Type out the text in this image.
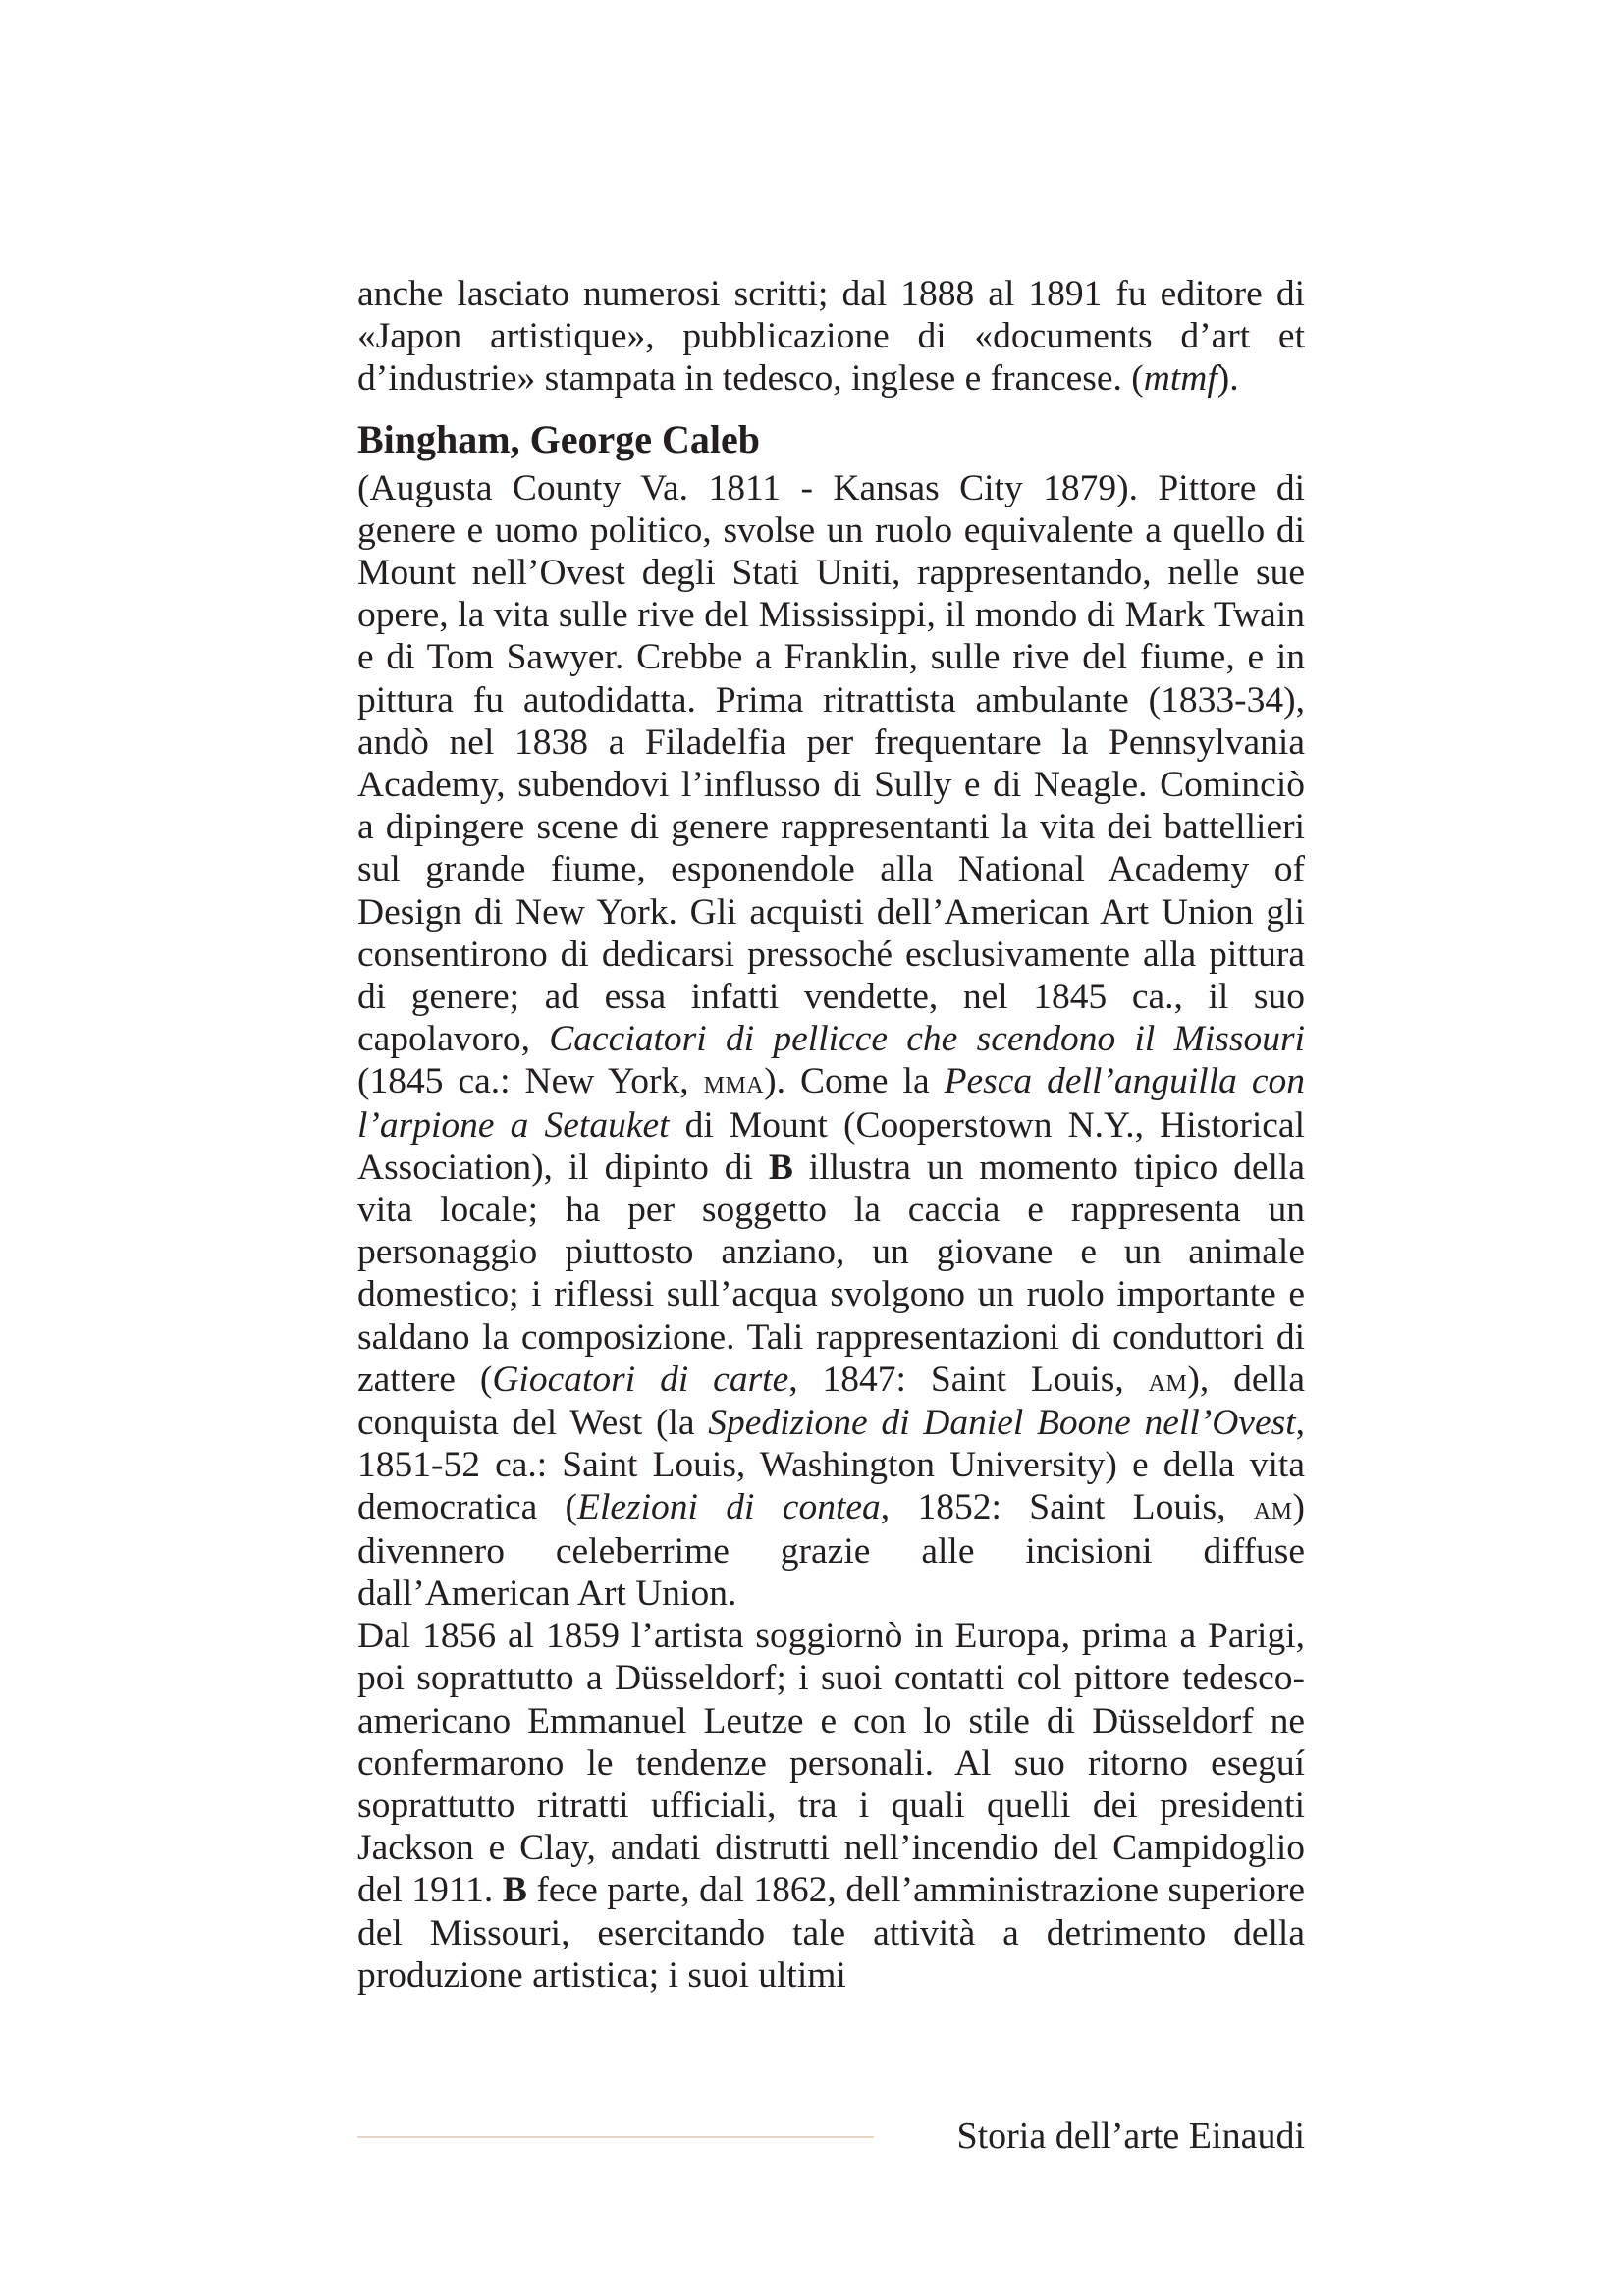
anche lasciato numerosi scritti; dal 1888 al 1891 fu editore di «Japon artistique», pubblicazione di «documents d’art et d’industrie» stampata in tedesco, inglese e francese. (mtmf).

Bingham, George Caleb

(Augusta County Va. 1811 - Kansas City 1879). Pittore di genere e uomo politico, svolse un ruolo equivalente a quello di Mount nell’Ovest degli Stati Uniti, rappresentando, nelle sue opere, la vita sulle rive del Mississippi, il mondo di Mark Twain e di Tom Sawyer. Crebbe a Franklin, sulle rive del fiume, e in pittura fu autodidatta. Prima ritrattista ambulante (1833-34), andò nel 1838 a Filadelfia per frequentare la Pennsylvania Academy, subendovi l’influsso di Sully e di Neagle. Cominciò a dipingere scene di genere rappresentanti la vita dei battellieri sul grande fiume, esponendole alla National Academy of Design di New York. Gli acquisti dell’American Art Union gli consentirono di dedicarsi pressoché esclusivamente alla pittura di genere; ad essa infatti vendette, nel 1845 ca., il suo capolavoro, Cacciatori di pellicce che scendono il Missouri (1845 ca.: New York, mma). Come la Pesca dell’anguilla con l’arpione a Setauket di Mount (Cooperstown N.Y., Historical Association), il dipinto di B illustra un momento tipico della vita locale; ha per soggetto la caccia e rappresenta un personaggio piuttosto anziano, un giovane e un animale domestico; i riflessi sull’acqua svolgono un ruolo importante e saldano la composizione. Tali rappresentazioni di conduttori di zattere (Giocatori di carte, 1847: Saint Louis, am), della conquista del West (la Spedizione di Daniel Boone nell’Ovest, 1851-52 ca.: Saint Louis, Washington University) e della vita democratica (Elezioni di contea, 1852: Saint Louis, am) divennero celeberrime grazie alle incisioni diffuse dall’American Art Union.

Dal 1856 al 1859 l’artista soggiornò in Europa, prima a Parigi, poi soprattutto a Düsseldorf; i suoi contatti col pittore tedesco-americano Emmanuel Leutze e con lo stile di Düsseldorf ne confermarono le tendenze personali. Al suo ritorno eseguí soprattutto ritratti ufficiali, tra i quali quelli dei presidenti Jackson e Clay, andati distrutti nell’incendio del Campidoglio del 1911. B fece parte, dal 1862, dell’amministrazione superiore del Missouri, esercitando tale attività a detrimento della produzione artistica; i suoi ultimi

Storia dell’arte Einaudi
